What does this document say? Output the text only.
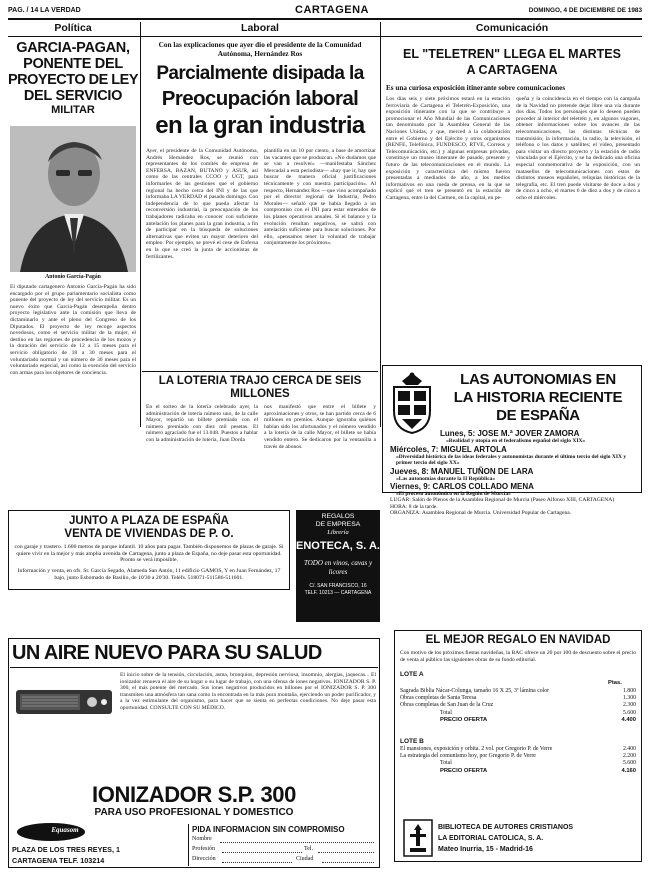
PAG. / 14 LA VERDAD	CARTAGENA	DOMINGO, 4 DE DICIEMBRE DE 1983
Política	Laboral	Comunicación
GARCIA-PAGAN,
PONENTE DEL
PROYECTO DE LEY
DEL SERVICIO
MILITAR
Antonio García-Pagán
El diputado cartagenero Antonio García-Pagán ha sido encargado por el grupo parlamentario socialista como ponente del proyecto de ley del servicio militar. Es un nuevo éxito que García-Pagán desempeña dentro proyecto legislativo ante la comisión que lleva de dictaminarlo y ante el pleno del Congreso de los Diputados. El proyecto de ley recoge aspectos novedosos, como el servicio militar de la mujer, el destino en las regiones de procedencia de los mozos y la duración del servicio de 12 a 15 meses para el servicio obligatorio de 18 a 30 meses para el voluntariado normal y un número de 30 meses para el voluntariado especial, así como la exención del servicio con armas para los objetores de conciencia.
Con las explicaciones que ayer dio el presidente de la Comunidad Autónoma, Hernández Ros
Parcialmente disipada la
Preocupación laboral
en la gran industria
Ayer, el presidente de la Comunidad Autónoma, Andrés Hernández Ros, se reunió con representantes de los comités de empresa de ENFERSA, BAZAN, BUTANO y ASUR, así como de las centrales CCOO y UGT, para informarles de las gestiones que el gobierno regional ha hecho cerca del INI y de las que informaba LA VERDAD el pasado domingo. Con independencia de lo que pueda afectar la reconversión industrial, la preocupación de los trabajadores radicaba en conocer con suficiente antelación los planes para la gran industria, a fin de participar en la búsqueda de soluciones alternativas que eviten un mayor deterioro del empleo. Por ejemplo, se prevé el cese de Enfersa en la que se creó la junta de accionistas de fertilizantes.
plantilla en un 10 por ciento, a base de amortizar las vacantes que se produzcan. «No dudamos que se van a resolver» —manifestaba Sánchez Mercadal a esta periodista— «hay que ir, hay que buscar de manera oficial justificaciones técnicamente y con nuestra participación». Al respecto, Hernández Ros —que vino acompañado por el director regional de Industria, Pedro Morales— señaló que se había llegado a un compromiso con el INI para estar enterados de los planes operativos anuales. Si el balance y la evolución resultan negativos, se sabrá con antelación suficiente para buscar soluciones. Por ello, «pensamos tener la voluntad de trabajar conjuntamente los próximos».
LA LOTERIA TRAJO CERCA DE SEIS
MILLONES
En el sorteo de la lotería celebrado ayer, la administración de lotería número uno, de la calle Mayor, repartió un billete premiado con el número premiado con diez mil pesetas. El número agraciado fue el 13.048. Puestos a hablar con la administración de lotería, Juan Dorda
nos manifestó que entre el billete y aproximaciones y otros, se han partido cerca de 6 millones en premios. Aunque ignoraba quiénes habían sido los afortunados y el número vendido a la lotería de la calle Mayor, el billete se había vendido entero. Se dedicaron por la ventanilla a través de abonos.
EL "TELETREN" LLEGA EL MARTES
A CARTAGENA
Es una curiosa exposición itinerante sobre comunicaciones
Los días seis y siete próximos estará en la estación ferroviaria de Cartagena el Teletrén-Exposición, una exposición itinerante con la que se contribuye a promocionar el Año Mundial de las Comunicaciones tan denominado por la Asamblea General de las Naciones Unidas, y que, merced a la colaboración entre el Gobierno y del Ejército y otros organismos (RENFE, Telefónica, FUNDESCO, RTVE, Correos y Telecomunicación, etc.) y algunas empresas privadas, constituye un museo itinerante de pasado, presente y futuro de las telecomunicaciones en el mundo. La exposición y característica del mismo fueron presentadas a mediados de año, a los medios informativos en una rueda de prensa, en la que se explicó qué el tren se presentó en la estación de Cartagena, entre la del Carmen, en la capital, en pe-
queña y la coincidencia en el tiempo con la campaña de la Navidad no pretende dejar libre una vía durante dos días. Todos los personajes que lo deseen pueden proceder al interior del teletrén y, en algunos vagones, obtener informaciones sobre los avances de las telecomunicaciones, las distintas técnicas de transmisión, la información, la radio, la televisión, el teléfono o los datos y satélites; el vídeo, presentado para visitar un directo proyecto y la estación de radio vinculada por el Ejército, y se ha dedicado una oficina especial conmemorativa de la exposición, con un matasellos de telecomunicaciones con estos de distintos museos españoles, reliquias históricas de la telegrafía, etc. El tren puede visitarse de doce a dos y de cinco a ocho, el martes 6 de diez a dos y de cinco a ocho el miércoles.
LAS AUTONOMIAS EN
LA HISTORIA RECIENTE
DE ESPAÑA
Lunes, 5: JOSE M.ª JOVER ZAMORA
«Realidad y utopía en el federalismo español del siglo XIX»
Miércoles, 7: MIGUEL ARTOLA
«Diversidad histórica de las ideas federales y autonomistas durante el último tercio del siglo XIX y primer tercio del siglo XX»
Jueves, 8: MANUEL TUÑON DE LARA
«Las autonomías durante la II República»
Viernes, 9: CARLOS COLLADO MENA
«El proceso autonómico en la Región de Murcia»
LUGAR: Salón de Plenos de la Asamblea Regional de Murcia (Paseo Alfonso XIII, CARTAGENA)
HORA: 8 de la tarde.
ORGANIZA: Asamblea Regional de Murcia. Universidad Popular de Cartagena.
JUNTO A PLAZA DE ESPAÑA
VENTA DE VIVIENDAS DE P. O.
con garaje y trastero. 1.600 metros de parque infantil. 10 años para pagar. También disponemos de plazas de garaje. Si quiere vivir en la mejor y más amplia avenida de Cartagena, junto a plaza de España, no deje pasar esta oportunidad. Pronto se verá imposible.
Información y venta, en ofs. Sr. García Segado, Alameda San Antón, 11 edificio GAMOS, Y en Juan Fernández, 17 bajo, junto Esbomado de Basilio, de 10'30 a 20'30. Teléfs. 518071-511586-511601.
REGALOS
DE EMPRESA
Librería
ENOTECA, S. A.
TODO en vinos, cavas y licores
C/. SAN FRANCISCO, 16
TELF. 10213 — CARTAGENA
UN AIRE NUEVO PARA SU SALUD
El inicio sobre de la tensión, circulación, asma, bronquios, depresión nerviosa, insomnio, alergias, jaquecas... El ionizador renueva el aire de su hogar o su lugar de trabajo, con una ofensa de iones negativos. IONIZADOR S. P. 300, el más potente del mercado. Sus iones negativos producidos en billones por el IONIZADOR S. P. 300 transmiten una atmósfera tan sana como la encontrada en la más pura montaña, ejerciendo un poder purificador, y a la vez estimulante del organismo, para hacer que se sienta en perfectas condiciones. No deje pasar esta oportunidad. CONSULTE CON SU MÉDICO.
IONIZADOR S.P. 300
PARA USO PROFESIONAL Y DOMESTICO
Equasom
PLAZA DE LOS TRES REYES, 1
CARTAGENA TELF. 103214
PIDA INFORMACION SIN COMPROMISO
Nombre
Profesión	Tel.
Dirección	Ciudad
EL MEJOR REGALO EN NAVIDAD
Con motivo de los próximos fiestas navideñas, la BAC ofrece un 20 por 100 de descuento sobre el precio de venta al público las siguientes obras de su fondo editorial.
LOTE A
Ptas.
Sagrada Biblia Nácar-Colunga, tamaño 16 X 25, 3ª lámina color	1.800
Obras completas de Santa Teresa	1.300
Obras completas de San Juan de la Cruz	2.300
Total	5.600
PRECIO OFERTA	4.400
LOTE B
El mansiones, exposición y orbita. 2 vol. por Gregorio P. de Verre	2.400
La estrategia del comunismo hoy, por Gregorio P. de Verre	2.200
Total	5.600
PRECIO OFERTA	4.160
BIBLIOTECA DE AUTORES CRISTIANOS
LA EDITORIAL CATOLICA, S. A.
Mateo Inurria, 15 - Madrid-16
